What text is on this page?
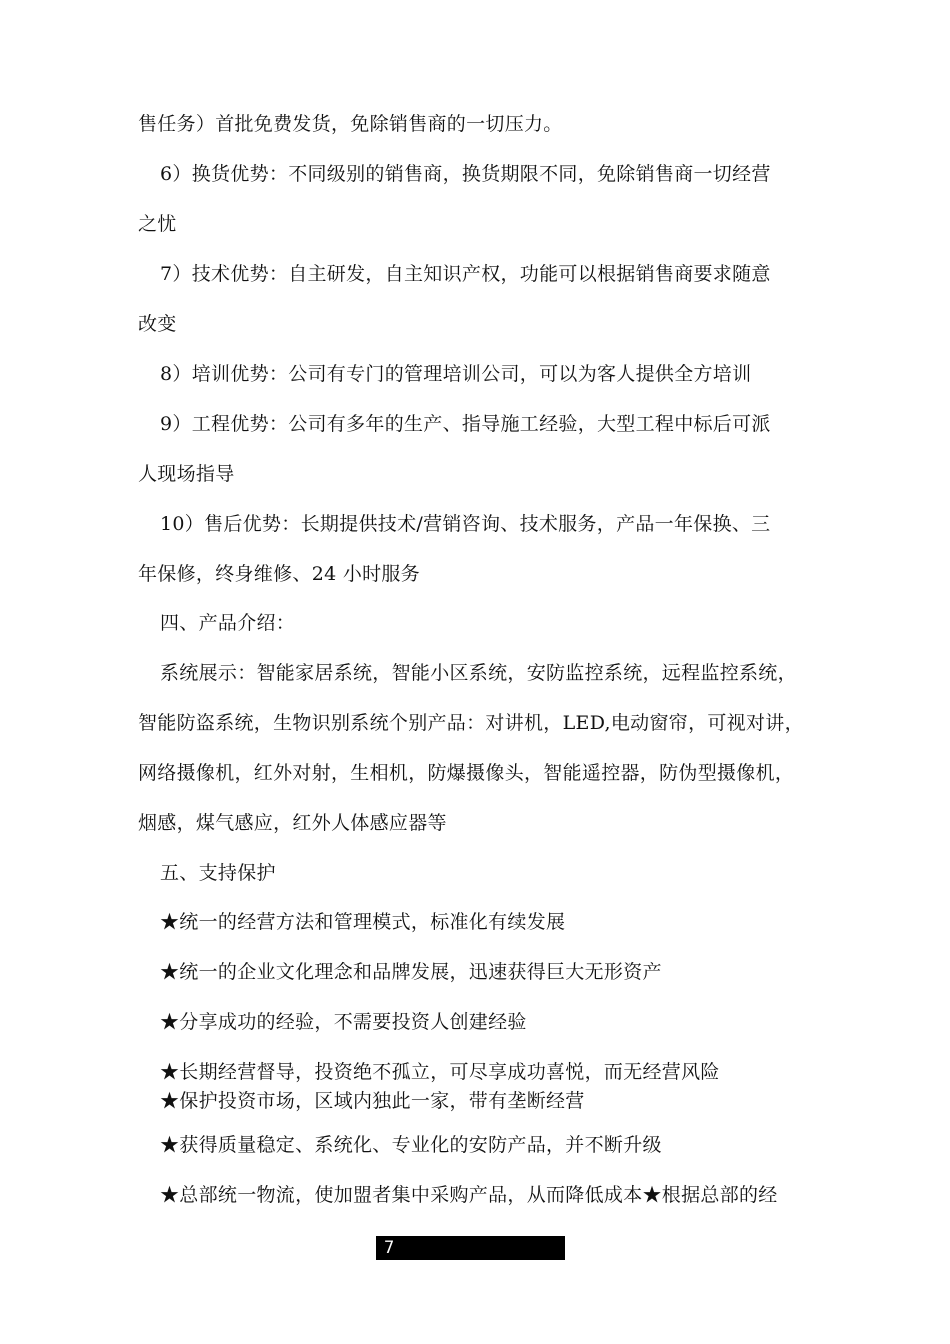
售任务）首批免费发货，免除销售商的一切压力。
6）换货优势：不同级别的销售商，换货期限不同，免除销售商一切经营
之忧
7）技术优势：自主研发，自主知识产权，功能可以根据销售商要求随意
改变
8）培训优势：公司有专门的管理培训公司，可以为客人提供全方培训
9）工程优势：公司有多年的生产、指导施工经验，大型工程中标后可派
人现场指导
10）售后优势：长期提供技术/营销咨询、技术服务，产品一年保换、三
年保修，终身维修、24 小时服务
四、产品介绍：
系统展示：智能家居系统，智能小区系统，安防监控系统，远程监控系统，
智能防盗系统，生物识别系统个别产品：对讲机，LED,电动窗帘，可视对讲，
网络摄像机，红外对射，生相机，防爆摄像头，智能遥控器，防伪型摄像机，
烟感，煤气感应，红外人体感应器等
五、支持保护
★统一的经营方法和管理模式，标准化有续发展
★统一的企业文化理念和品牌发展，迅速获得巨大无形资产
★分享成功的经验，不需要投资人创建经验
★长期经营督导，投资绝不孤立，可尽享成功喜悦，而无经营风险
★保护投资市场，区域内独此一家，带有垄断经营
★获得质量稳定、系统化、专业化的安防产品，并不断升级
★总部统一物流，使加盟者集中采购产品，从而降低成本★根据总部的经
7
